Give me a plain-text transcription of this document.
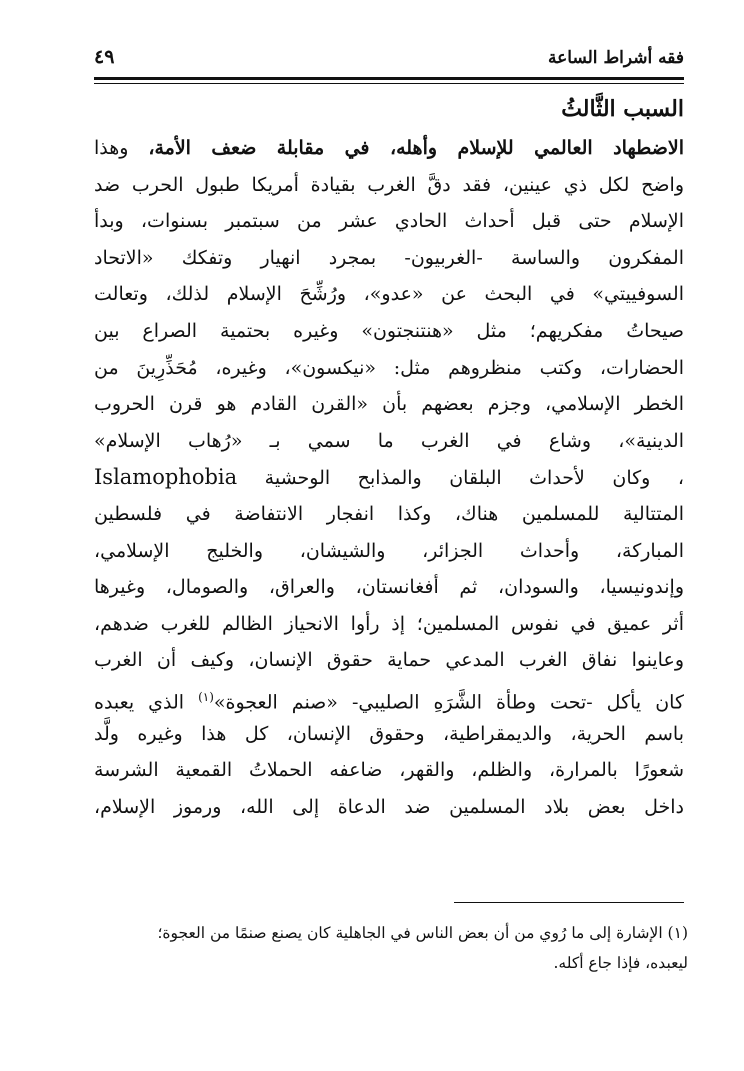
فقه أشراط الساعة
٤٩
السبب الثَّالثُ
الاضطهاد العالمي للإسلام وأهله، في مقابلة ضعف الأمة، وهذا
واضح لكل ذي عينين، فقد دقَّ الغرب بقيادة أمريكا طبول الحرب ضد
الإسلام حتى قبل أحداث الحادي عشر من سبتمبر بسنوات، وبدأ
المفكرون والساسة -الغربيون- بمجرد انهيار وتفكك «الاتحاد
السوفييتي» في البحث عن «عدو»، ورُشِّحَ الإسلام لذلك، وتعالت
صيحاتُ مفكريهم؛ مثل «هنتنجتون» وغيره بحتمية الصراع بين
الحضارات، وكتب منظروهم مثل: «نيكسون»، وغيره، مُحَذِّرِينَ من
الخطر الإسلامي، وجزم بعضهم بأن «القرن القادم هو قرن الحروب
الدينية»، وشاع في الغرب ما سمي بـ «رُهاب الإسلام»
، وكان لأحداث البلقان والمذابح الوحشية Islamophobia
المتتالية للمسلمين هناك، وكذا انفجار الانتفاضة في فلسطين
المباركة، وأحداث الجزائر، والشيشان، والخليج الإسلامي،
وإندونيسيا، والسودان، ثم أفغانستان، والعراق، والصومال، وغيرها
أثر عميق في نفوس المسلمين؛ إذ رأوا الانحياز الظالم للغرب ضدهم،
وعاينوا نفاق الغرب المدعي حماية حقوق الإنسان، وكيف أن الغرب
كان يأكل -تحت وطأة الشَّرَهِ الصليبي- «صنم العجوة»$^{(١)}$ الذي يعبده
باسم الحرية، والديمقراطية، وحقوق الإنسان، كل هذا وغيره ولَّد
شعورًا بالمرارة، والظلم، والقهر، ضاعفه الحملاتُ القمعية الشرسة
داخل بعض بلاد المسلمين ضد الدعاة إلى الله، ورموز الإسلام،
(١) الإشارة إلى ما رُوي من أن بعض الناس في الجاهلية كان يصنع صنمًا من العجوة؛
ليعبده، فإذا جاع أكله.
